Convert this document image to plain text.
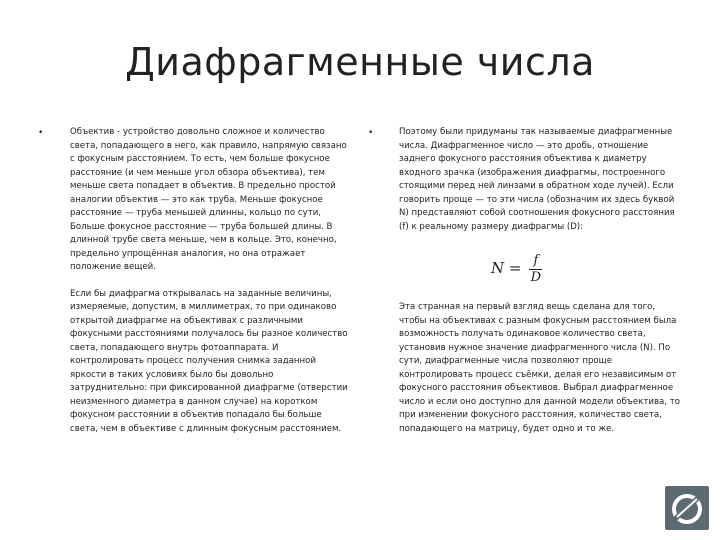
Диафрагменные числа
•	Объектив - устройство довольно сложное и количество света, попадающего в него, как правило, напрямую связано с фокусным расстоянием. То есть, чем больше фокусное расстояние (и чем меньше угол обзора объектива), тем меньше света попадает в объектив. В предельно простой аналогии объектив — это как труба. Меньше фокусное расстояние — труба меньшей длинны, кольцо по сути, Больше фокусное расстояние — труба большей длины. В длинной трубе света меньше, чем в кольце. Это, конечно, предельно упрощённая аналогия, но она отражает положение вещей.

Если бы диафрагма открывалась на заданные величины, измеряемые, допустим, в миллиметрах, то при одинаково открытой диафрагме на объективах с различными фокусными расстояниями получалось бы разное количество света, попадающего внутрь фотоаппарата. И контролировать процесс получения снимка заданной яркости в таких условиях было бы довольно затруднительно: при фиксированной диафрагме (отверстии неизменного диаметра в данном случае) на коротком фокусном расстоянии в объектив попадало бы больше света, чем в объективе с длинным фокусным расстоянием.

•	Поэтому были придуманы так называемые диафрагменные числа. Диафрагменное число — это дробь, отношение заднего фокусного расстояния объектива к диаметру входного зрачка (изображения диафрагмы, построенного стоящими перед ней линзами в обратном ходе лучей). Если говорить проще — то эти числа (обозначим их здесь буквой N) представляют собой соотношения фокусного расстояния (f) к реальному размеру диафрагмы (D):

$N = \frac{f}{D}$

Эта странная на первый взгляд вещь сделана для того, чтобы на объективах с разным фокусным расстоянием была возможность получать одинаковое количество света, установив нужное значение диафрагменного числа (N). По сути, диафрагменные числа позволяют проще контролировать процесс съёмки, делая его независимым от фокусного расстояния объективов. Выбрал диафрагменное число и если оно доступно для данной модели объектива, то при изменении фокусного расстояния, количество света, попадающего на матрицу, будет одно и то же.
